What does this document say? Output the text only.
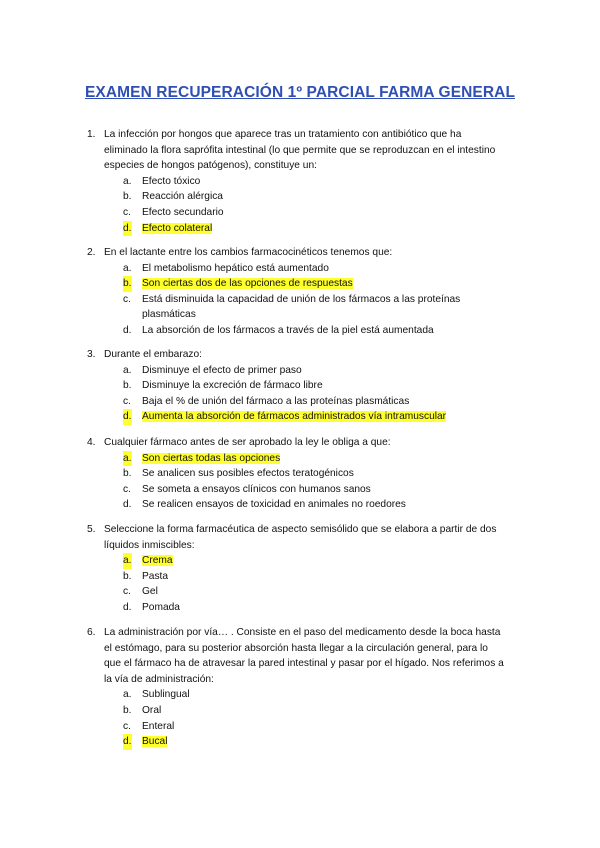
EXAMEN RECUPERACIÓN 1º PARCIAL FARMA GENERAL
1. La infección por hongos que aparece tras un tratamiento con antibiótico que ha eliminado la flora saprófita intestinal (lo que permite que se reproduzcan en el intestino especies de hongos patógenos), constituye un:
a. Efecto tóxico
b. Reacción alérgica
c. Efecto secundario
d. Efecto colateral
2. En el lactante entre los cambios farmacocinéticos tenemos que:
a. El metabolismo hepático está aumentado
b. Son ciertas dos de las opciones de respuestas
c. Está disminuida la capacidad de unión de los fármacos a las proteínas plasmáticas
d. La absorción de los fármacos a través de la piel está aumentada
3. Durante el embarazo:
a. Disminuye el efecto de primer paso
b. Disminuye la excreción de fármaco libre
c. Baja el % de unión del fármaco a las proteínas plasmáticas
d. Aumenta la absorción de fármacos administrados vía intramuscular
4. Cualquier fármaco antes de ser aprobado la ley le obliga a que:
a. Son ciertas todas las opciones
b. Se analicen sus posibles efectos teratogénicos
c. Se someta a ensayos clínicos con humanos sanos
d. Se realicen ensayos de toxicidad en animales no roedores
5. Seleccione la forma farmacéutica de aspecto semisólido que se elabora a partir de dos líquidos inmiscibles:
a. Crema
b. Pasta
c. Gel
d. Pomada
6. La administración por vía… . Consiste en el paso del medicamento desde la boca hasta el estómago, para su posterior absorción hasta llegar a la circulación general, para lo que el fármaco ha de atravesar la pared intestinal y pasar por el hígado. Nos referimos a la vía de administración:
a. Sublingual
b. Oral
c. Enteral
d. Bucal
